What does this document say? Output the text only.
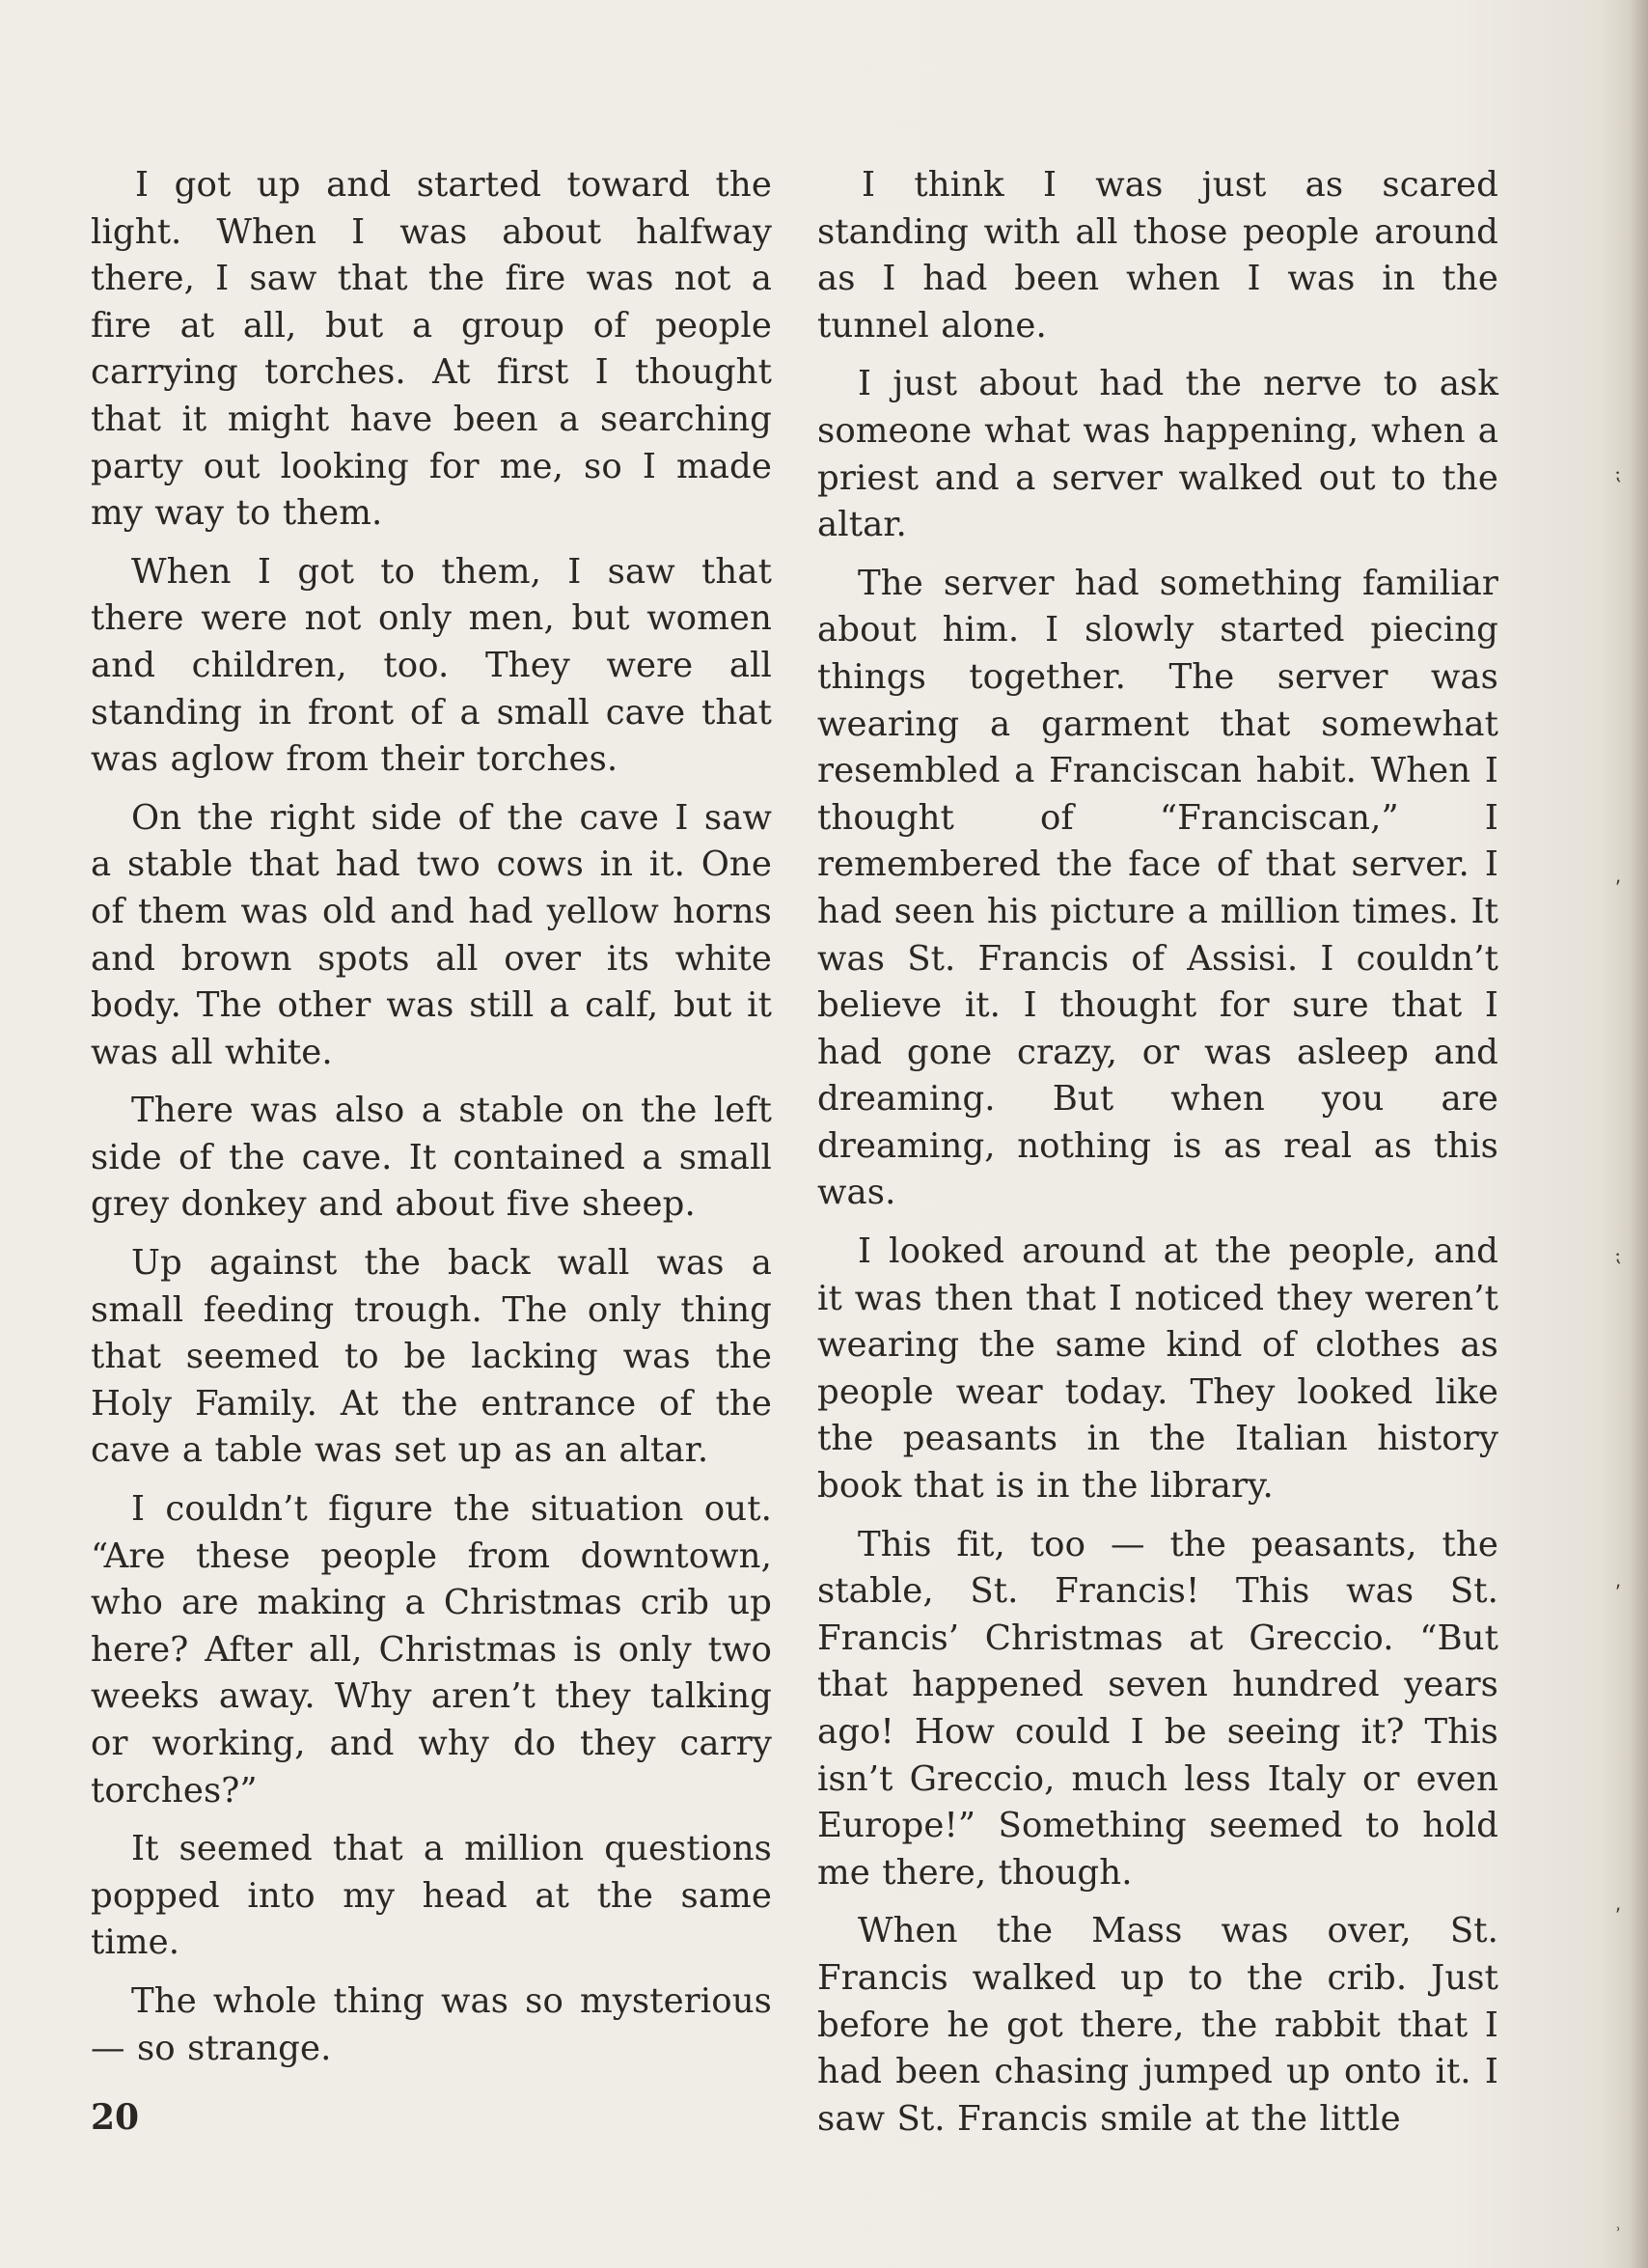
I got up and started toward the light. When I was about halfway there, I saw that the fire was not a fire at all, but a group of people carrying torches. At first I thought that it might have been a searching party out looking for me, so I made my way to them.

When I got to them, I saw that there were not only men, but women and children, too. They were all standing in front of a small cave that was aglow from their torches.

On the right side of the cave I saw a stable that had two cows in it. One of them was old and had yellow horns and brown spots all over its white body. The other was still a calf, but it was all white.

There was also a stable on the left side of the cave. It contained a small grey donkey and about five sheep.

Up against the back wall was a small feeding trough. The only thing that seemed to be lacking was the Holy Family. At the entrance of the cave a table was set up as an altar.

I couldn’t figure the situation out. “Are these people from downtown, who are making a Christmas crib up here? After all, Christmas is only two weeks away. Why aren’t they talking or working, and why do they carry torches?”

It seemed that a million questions popped into my head at the same time.

The whole thing was so mysterious — so strange.

I think I was just as scared standing with all those people around as I had been when I was in the tunnel alone.

I just about had the nerve to ask someone what was happening, when a priest and a server walked out to the altar.

The server had something familiar about him. I slowly started piecing things together. The server was wearing a garment that somewhat resembled a Franciscan habit. When I thought of “Franciscan,” I remembered the face of that server. I had seen his picture a million times. It was St. Francis of Assisi. I couldn’t believe it. I thought for sure that I had gone crazy, or was asleep and dreaming. But when you are dreaming, nothing is as real as this was.

I looked around at the people, and it was then that I noticed they weren’t wearing the same kind of clothes as people wear today. They looked like the peasants in the Italian history book that is in the library.

This fit, too — the peasants, the stable, St. Francis! This was St. Francis’ Christmas at Greccio. “But that happened seven hundred years ago! How could I be seeing it? This isn’t Greccio, much less Italy or even Europe!” Something seemed to hold me there, though.

When the Mass was over, St. Francis walked up to the crib. Just before he got there, the rabbit that I had been chasing jumped up onto it. I saw St. Francis smile at the little

20
⁏
⸴
⁏
⸴
⸴
⸒
